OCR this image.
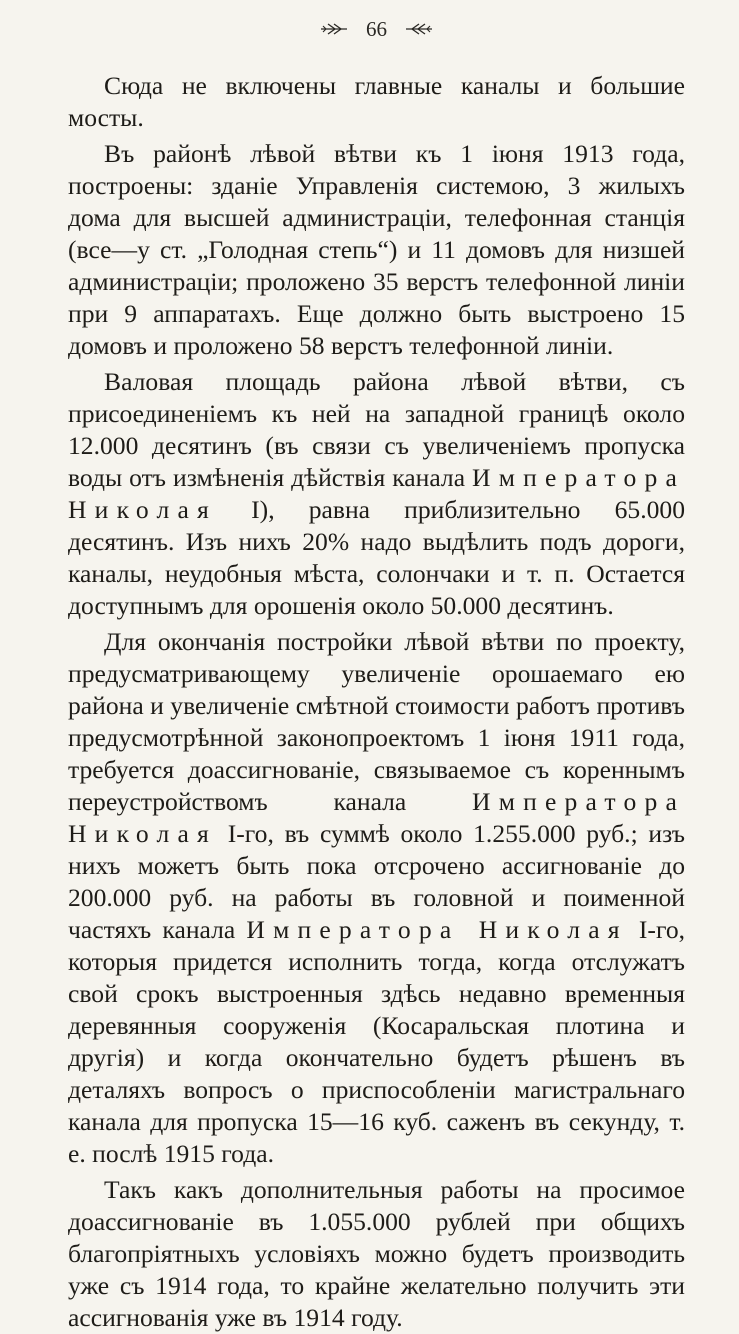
66

Сюда не включены главные каналы и большие мосты.

Въ районѣ лѣвой вѣтви къ 1 іюня 1913 года, построены: зданіе Управленія системою, 3 жилыхъ дома для высшей администраціи, телефонная станція (все—у ст. „Голодная степь“) и 11 домовъ для низшей администраціи; проложено 35 верстъ телефонной линіи при 9 аппаратахъ. Еще должно быть выстроено 15 домовъ и проложено 58 верстъ телефонной линіи.

Валовая площадь района лѣвой вѣтви, съ присоединеніемъ къ ней на западной границѣ около 12.000 десятинъ (въ связи съ увеличеніемъ пропуска воды отъ измѣненія дѣйствія канала Императора Николая I), равна приблизительно 65.000 десятинъ. Изъ нихъ 20% надо выдѣлить подъ дороги, каналы, неудобныя мѣста, солончаки и т. п. Остается доступнымъ для орошенія около 50.000 десятинъ.

Для окончанія постройки лѣвой вѣтви по проекту, предусматривающему увеличеніе орошаемаго ею района и увеличеніе смѣтной стоимости работъ противъ предусмотрѣнной законопроектомъ 1 іюня 1911 года, требуется доассигнованіе, связываемое съ кореннымъ переустройствомъ канала Императора Николая I-го, въ суммѣ около 1.255.000 руб.; изъ нихъ можетъ быть пока отсрочено ассигнованіе до 200.000 руб. на работы въ головной и поименной частяхъ канала Императора Николая I-го, которыя придется исполнить тогда, когда отслужатъ свой срокъ выстроенныя здѣсь недавно временныя деревянныя сооруженія (Косаральская плотина и другія) и когда окончательно будетъ рѣшенъ въ деталяхъ вопросъ о приспособленіи магистральнаго канала для пропуска 15—16 куб. саженъ въ секунду, т. е. послѣ 1915 года.

Такъ какъ дополнительныя работы на просимое доассигнованіе въ 1.055.000 рублей при общихъ благопріятныхъ условіяхъ можно будетъ производить уже съ 1914 года, то крайне желательно получить эти ассигнованія уже въ 1914 году.
